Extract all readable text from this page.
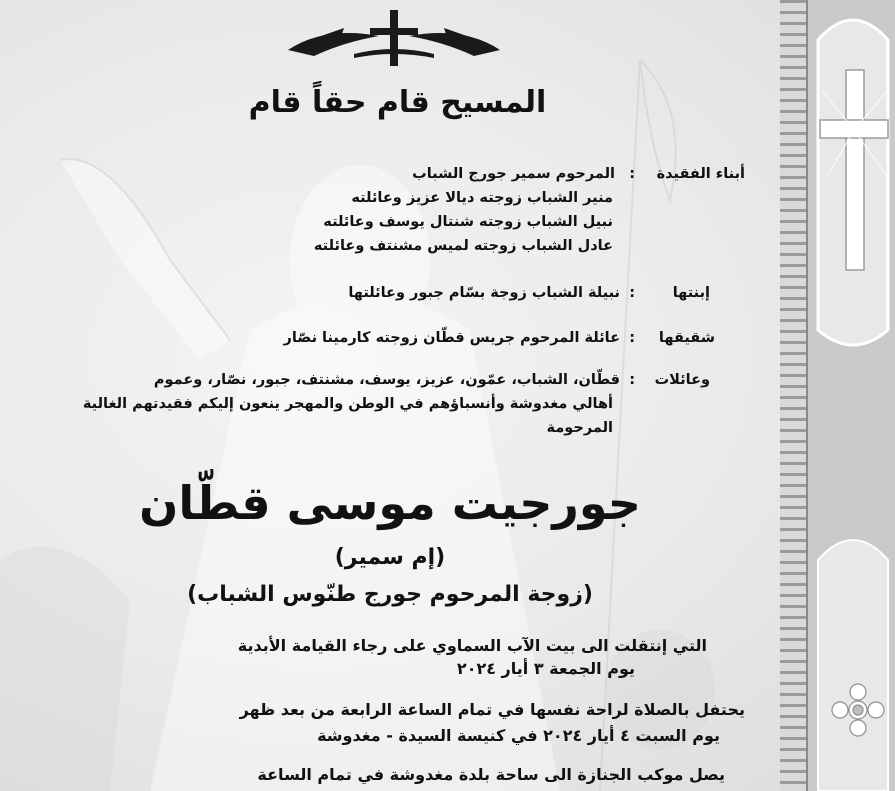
المسيح قام حقاً قام
أبناء الفقيدة
:
المرحوم سمير جورج الشباب
منير الشباب زوجته ديالا عزيز وعائلته
نبيل الشباب زوجته شنتال يوسف وعائلته
عادل الشباب زوجته لميس مشنتف وعائلته
إبنتها
:
نبيلة الشباب زوجة بسّام جبور وعائلتها
شقيقها
:
عائلة المرحوم جريس قطّان زوجته كارمينا نصّار
وعائلات
:
قطّان، الشباب، عمّون، عزيز، يوسف، مشنتف، جبور، نصّار، وعموم
أهالي مغدوشة وأنسباؤهم في الوطن والمهجر ينعون إليكم فقيدتهم الغالية
المرحومة
جورجيت موسى قطّان
(إم سمير)
(زوجة المرحوم جورج طنّوس الشباب)
التي إنتقلت الى بيت الآب السماوي على رجاء القيامة الأبدية
يوم الجمعة ٣ أيار ٢٠٢٤
يحتفل بالصلاة لراحة نفسها في تمام الساعة الرابعة من بعد ظهر
يوم السبت ٤ أيار ٢٠٢٤ في كنيسة السيدة - مغدوشة
يصل موكب الجنازة الى ساحة بلدة مغدوشة في تمام الساعة
